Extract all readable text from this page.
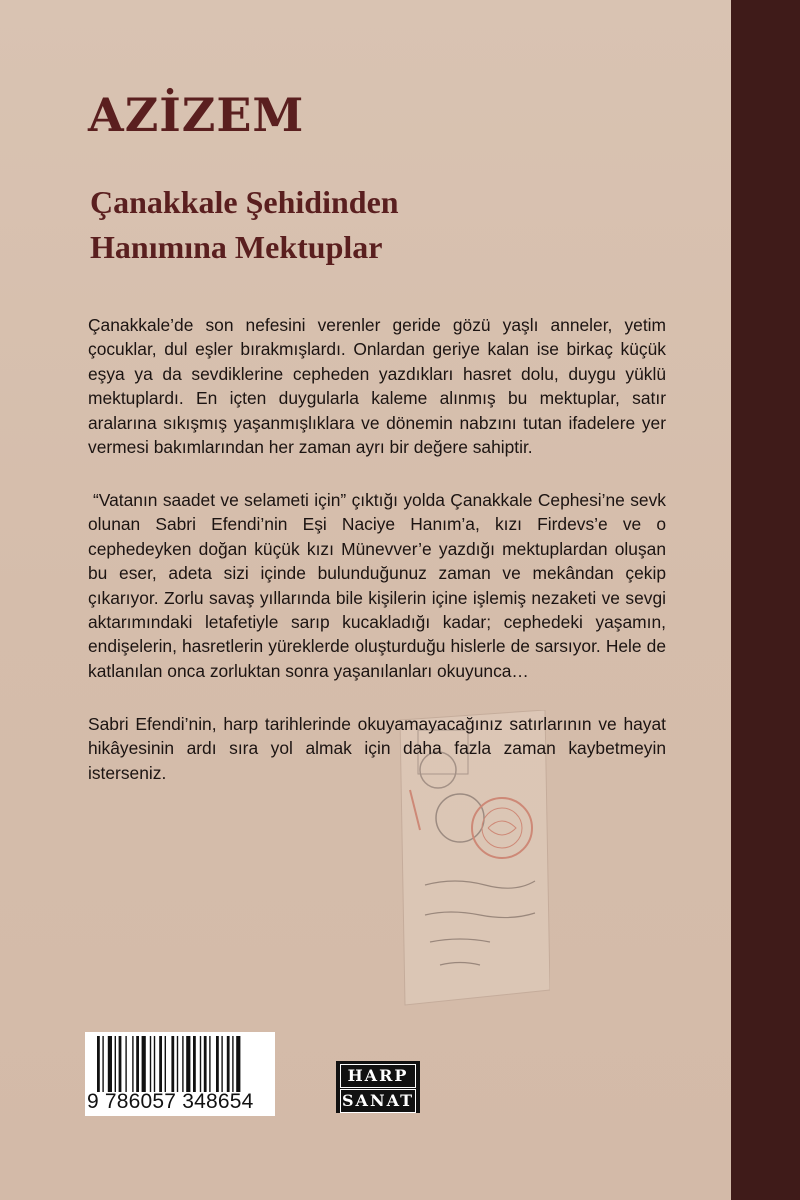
AZİZEM
Çanakkale Şehidinden
Hanımına Mektuplar

Çanakkale’de son nefesini verenler geride gözü yaşlı anneler, yetim çocuklar, dul eşler bırakmışlardı. Onlardan geriye kalan ise birkaç küçük eşya ya da sevdiklerine cepheden yazdıkları hasret dolu, duygu yüklü mektuplardı. En içten duygularla kaleme alınmış bu mektuplar, satır aralarına sıkışmış yaşanmışlıklara ve dönemin nabzını tutan ifadelere yer vermesi bakımlarından her zaman ayrı bir değere sahiptir.

“Vatanın saadet ve selameti için” çıktığı yolda Çanakkale Cephesi’ne sevk olunan Sabri Efendi’nin Eşi Naciye Hanım’a, kızı Firdevs’e ve o cephedeyken doğan küçük kızı Münevver’e yazdığı mektuplardan oluşan bu eser, adeta sizi içinde bulunduğunuz zaman ve mekândan çekip çıkarıyor. Zorlu savaş yıllarında bile kişilerin içine işlemiş nezaketi ve sevgi aktarımındaki letafetiyle sarıp kucakladığı kadar; cephedeki yaşamın, endişelerin, hasretlerin yüreklerde oluşturduğu hislerle de sarsıyor. Hele de katlanılan onca zorluktan sonra yaşanılanları okuyunca…

Sabri Efendi’nin, harp tarihlerinde okuyamayacağınız satırlarının ve hayat hikâyesinin ardı sıra yol almak için daha fazla zaman kaybetmeyin isterseniz.

9 786057 348654

HARP
SANAT
